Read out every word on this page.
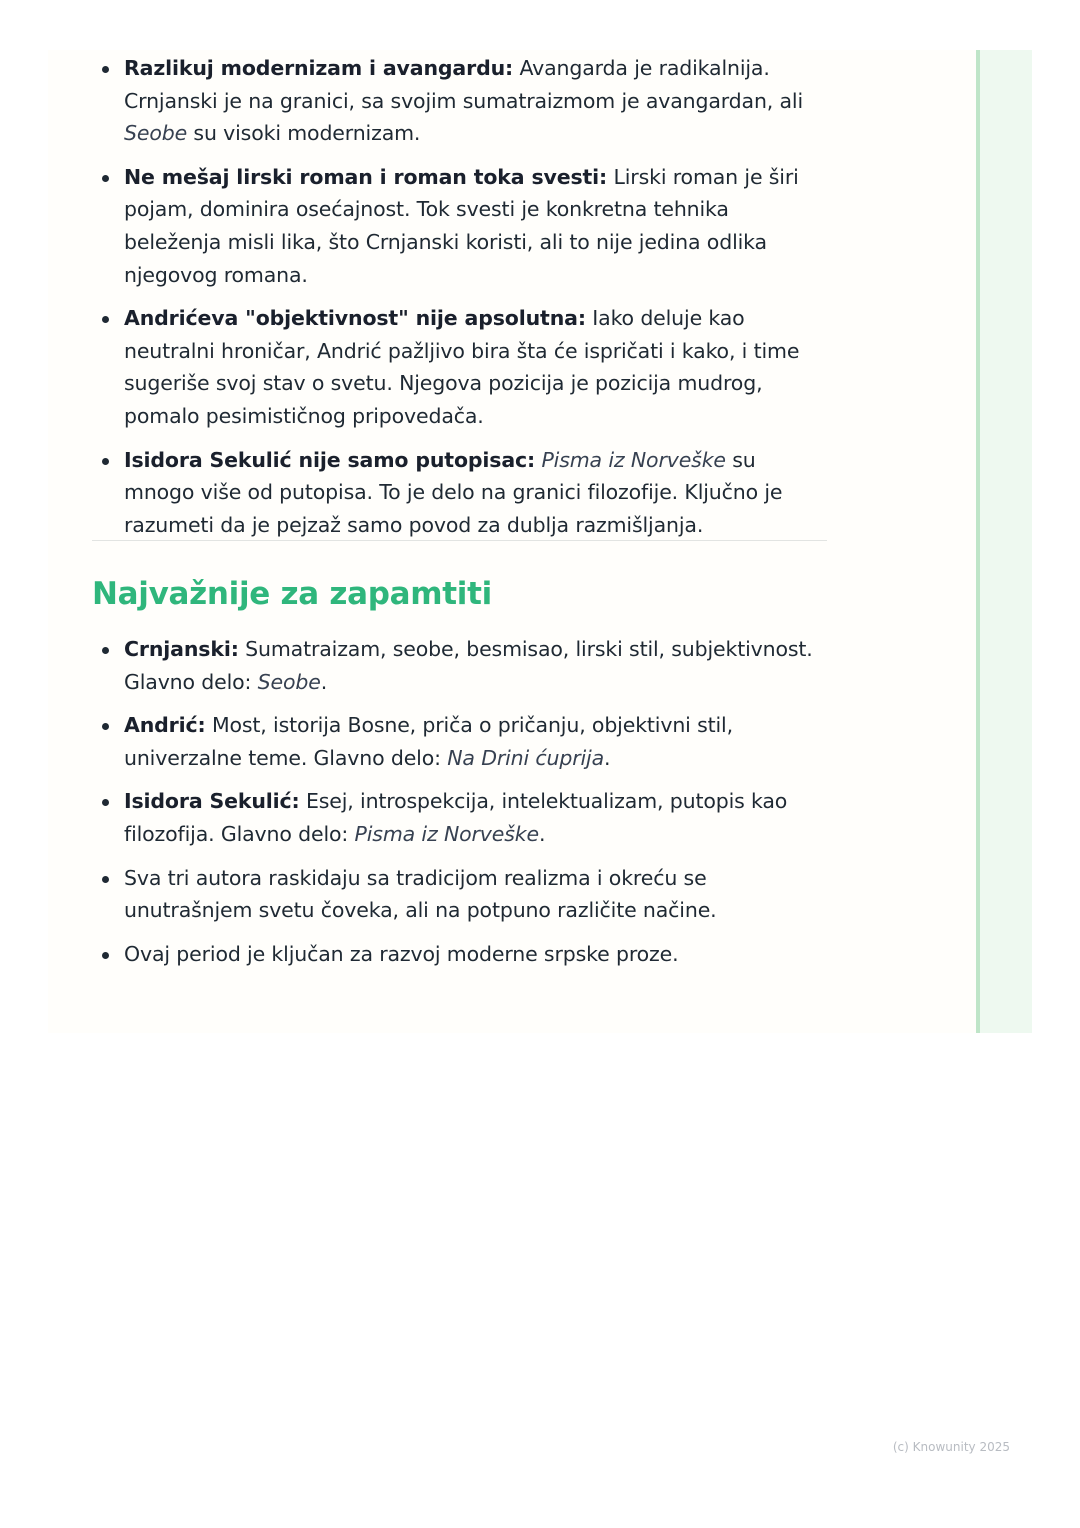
Razlikuj modernizam i avangardu: Avangarda je radikalnija. Crnjanski je na granici, sa svojim sumatraizmom je avangardan, ali Seobe su visoki modernizam.
Ne mešaj lirski roman i roman toka svesti: Lirski roman je širi pojam, dominira osećajnost. Tok svesti je konkretna tehnika beleženja misli lika, što Crnjanski koristi, ali to nije jedina odlika njegovog romana.
Andrićeva "objektivnost" nije apsolutna: Iako deluje kao neutralni hroničar, Andrić pažljivo bira šta će ispričati i kako, i time sugeriše svoj stav o svetu. Njegova pozicija je pozicija mudrog, pomalo pesimističnog pripovedača.
Isidora Sekulić nije samo putopisac: Pisma iz Norveške su mnogo više od putopisa. To je delo na granici filozofije. Ključno je razumeti da je pejzaž samo povod za dublja razmišljanja.
Najvažnije za zapamtiti
Crnjanski: Sumatraizam, seobe, besmisao, lirski stil, subjektivnost. Glavno delo: Seobe.
Andrić: Most, istorija Bosne, priča o pričanju, objektivni stil, univerzalne teme. Glavno delo: Na Drini ćuprija.
Isidora Sekulić: Esej, introspekcija, intelektualizam, putopis kao filozofija. Glavno delo: Pisma iz Norveške.
Sva tri autora raskidaju sa tradicijom realizma i okreću se unutrašnjem svetu čoveka, ali na potpuno različite načine.
Ovaj period je ključan za razvoj moderne srpske proze.
(c) Knowunity 2025
